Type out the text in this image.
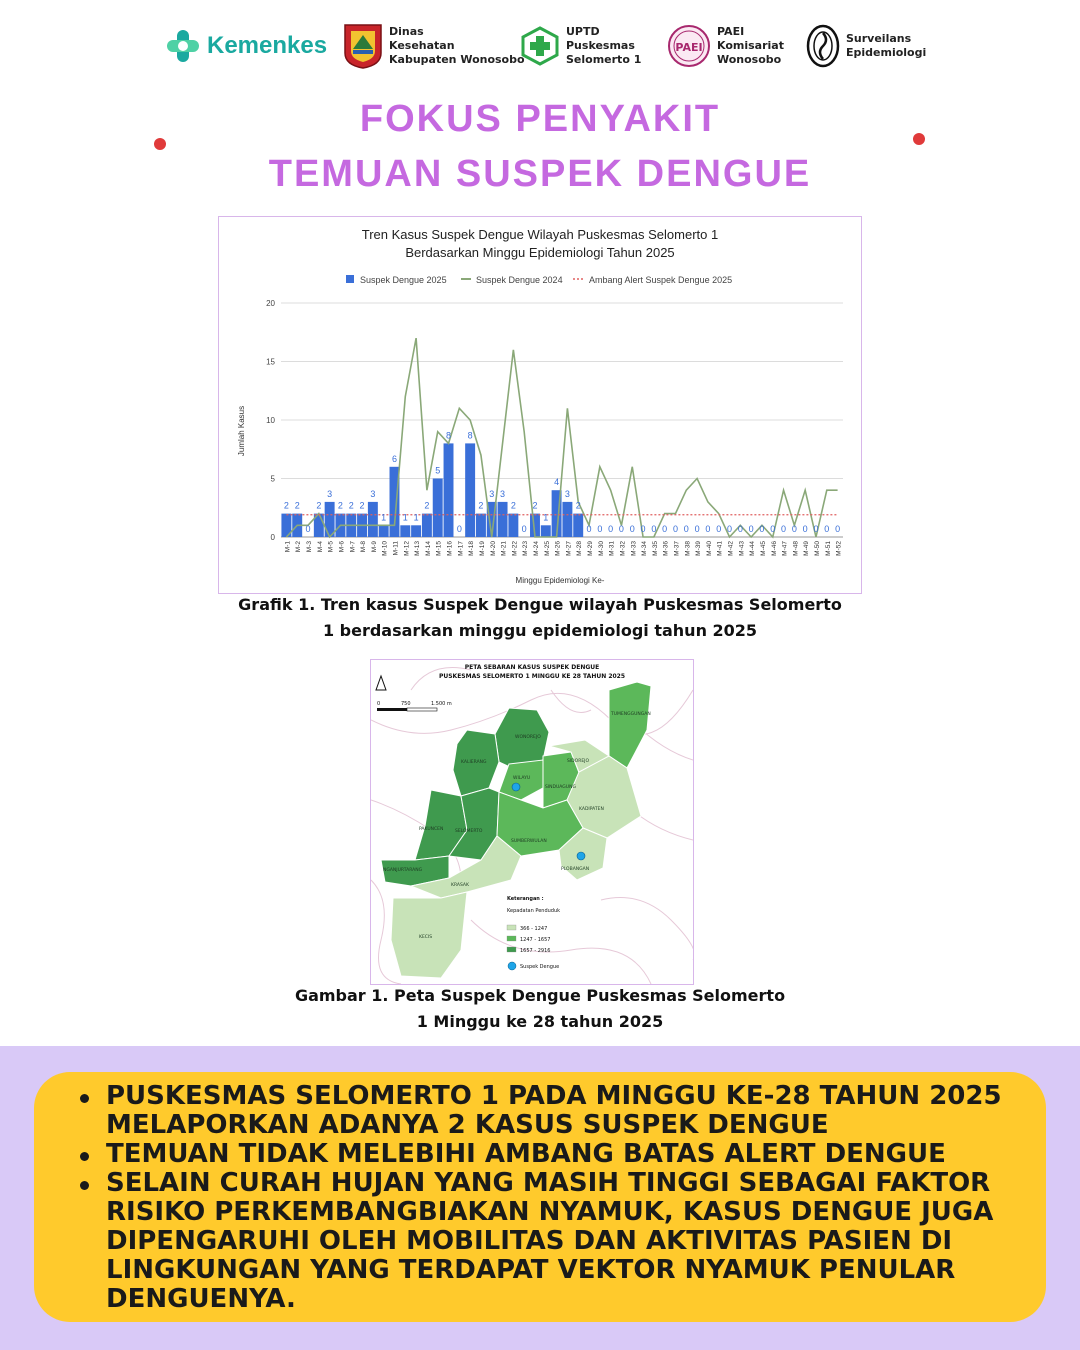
Kemenkes
Dinas
Kesehatan
Kabupaten Wonosobo
UPTD
Puskesmas
Selomerto 1
PAEI
PAEI
Komisariat
Wonosobo
Surveilans
Epidemiologi
FOKUS PENYAKIT
TEMUAN SUSPEK DENGUE
Tren Kasus Suspek Dengue Wilayah Puskesmas Selomerto 1
Berdasarkan Minggu Epidemiologi Tahun 2025
Suspek Dengue 2025	Suspek Dengue 2024	Ambang Alert Suspek Dengue 2025
Jumlah Kasus
Minggu Epidemiologi Ke-
0
5
10
15
20
2 2
0
2
3
2 2 2
3
1
6
1 1
2
5
8
0
8
2
3 3
2
0
2
1
4
3
2
0 0 0 0 0 0 0 0 0 0 0 0 0 0 0 0 0 0 0 0 0 0 0 0
M-1 M-2 M-3 M-4 M-5 M-6 M-7 M-8 M-9 M-10 M-11 M-12 M-13 M-14 M-15 M-16 M-17 M-18 M-19 M-20 M-21 M-22 M-23 M-24 M-25 M-26 M-27 M-28 M-29 M-30 M-31 M-32 M-33 M-34 M-35 M-36 M-37 M-38 M-39 M-40 M-41 M-42 M-43 M-44 M-45 M-46 M-47 M-48 M-49 M-50 M-51 M-52
Grafik 1. Tren kasus Suspek Dengue wilayah Puskesmas Selomerto
1 berdasarkan minggu epidemiologi tahun 2025
PETA SEBARAN KASUS SUSPEK DENGUE
PUSKESMAS SELOMERTO 1 MINGGU KE 28 TAHUN 2025
0	750	1.500 m
WONOREJO
KALIERANG
WILAYU
SINDUAGUNG
SIDOREJO
TUMENGGUNGAN
KADIPATEN
PAKUNCEN	SELOMERTO
SUMBERWULAN
KECIS
PLOBANGAN
NGANJURTARANG
KRASAK
Keterangan :
Kepadatan Penduduk
366 - 1247
1247 - 1657
1657 - 2916
Suspek Dengue
Gambar 1. Peta Suspek Dengue Puskesmas Selomerto
1 Minggu ke 28 tahun 2025
PUSKESMAS SELOMERTO 1 PADA MINGGU KE-28 TAHUN 2025 MELAPORKAN ADANYA 2 KASUS SUSPEK DENGUE
TEMUAN TIDAK MELEBIHI AMBANG BATAS ALERT DENGUE
SELAIN CURAH HUJAN YANG MASIH TINGGI SEBAGAI FAKTOR RISIKO PERKEMBANGBIAKAN NYAMUK, KASUS DENGUE JUGA DIPENGARUHI OLEH MOBILITAS DAN AKTIVITAS PASIEN DI LINGKUNGAN YANG TERDAPAT VEKTOR NYAMUK PENULAR DENGUENYA.
